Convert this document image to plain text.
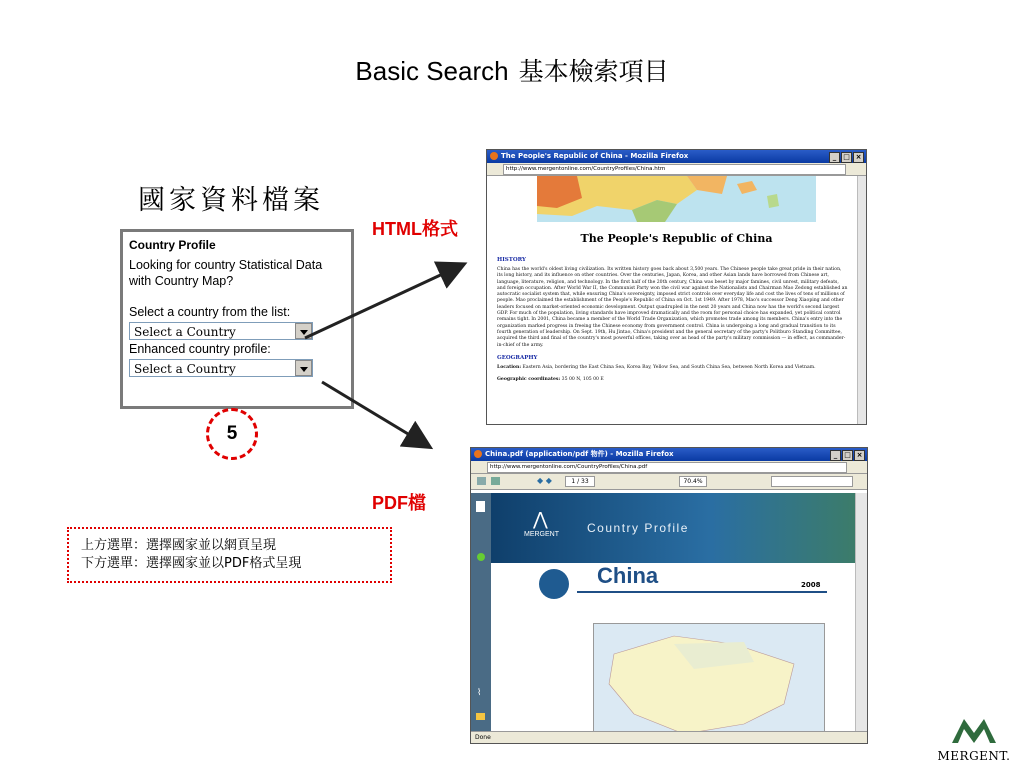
Basic Search 基本檢索項目
國家資料檔案
Country Profile
Looking for country Statistical Data with Country Map?
Select a country from the list:
Select a Country
Enhanced country profile:
Select a Country
5
HTML格式
PDF檔
上方選單：選擇國家並以網頁呈現
下方選單：選擇國家並以PDF格式呈現
The People's Republic of China - Mozilla Firefox	_ □ ×
http://www.mergentonline.com/CountryProfiles/China.htm
The People's Republic of China
HISTORY
China has the world's oldest living civilization. Its written history goes back about 3,500 years. The Chinese people take great pride in their nation, its long history, and its influence on other countries. Over the centuries, Japan, Korea, and other Asian lands have borrowed from Chinese art, language, literature, religion, and technology. In the first half of the 20th century, China was beset by major famines, civil unrest, military defeats, and foreign occupation. After World War II, the Communist Party won the civil war against the Nationalists and Chairman Mao Zedong established an autocratic socialist system that, while ensuring China's sovereignty, imposed strict controls over everyday life and cost the lives of tens of millions of people. Mao proclaimed the establishment of the People's Republic of China on Oct. 1st 1949. After 1978, Mao's successor Deng Xiaoping and other leaders focused on market-oriented economic development. Output quadrupled in the next 20 years and China now has the world's second largest GDP. For much of the population, living standards have improved dramatically and the room for personal choice has expanded, yet political control remains tight. In 2001, China became a member of the World Trade Organization, which promotes trade among its members. China's entry into the organization marked progress in freeing the Chinese economy from government control. China is undergoing a long and gradual transition to its fourth generation of leadership. On Sept. 19th, Hu Jintao, China's president and the general secretary of the party's Politburo Standing Committee, acquired the third and final of the country's most powerful offices, taking over as head of the party's military commission — in effect, as commander-in-chief of the army.
GEOGRAPHY
Location: Eastern Asia, bordering the East China Sea, Korea Bay, Yellow Sea, and South China Sea, between North Korea and Vietnam.
Geographic coordinates: 35 00 N, 105 00 E
China.pdf (application/pdf 物件) - Mozilla Firefox	_ □ ×
http://www.mergentonline.com/CountryProfiles/China.pdf
◆ ◆	1 / 33	70.4%
⌇
⋀
MERGENT Country Profile
China	2008
Done
MERGENT.
